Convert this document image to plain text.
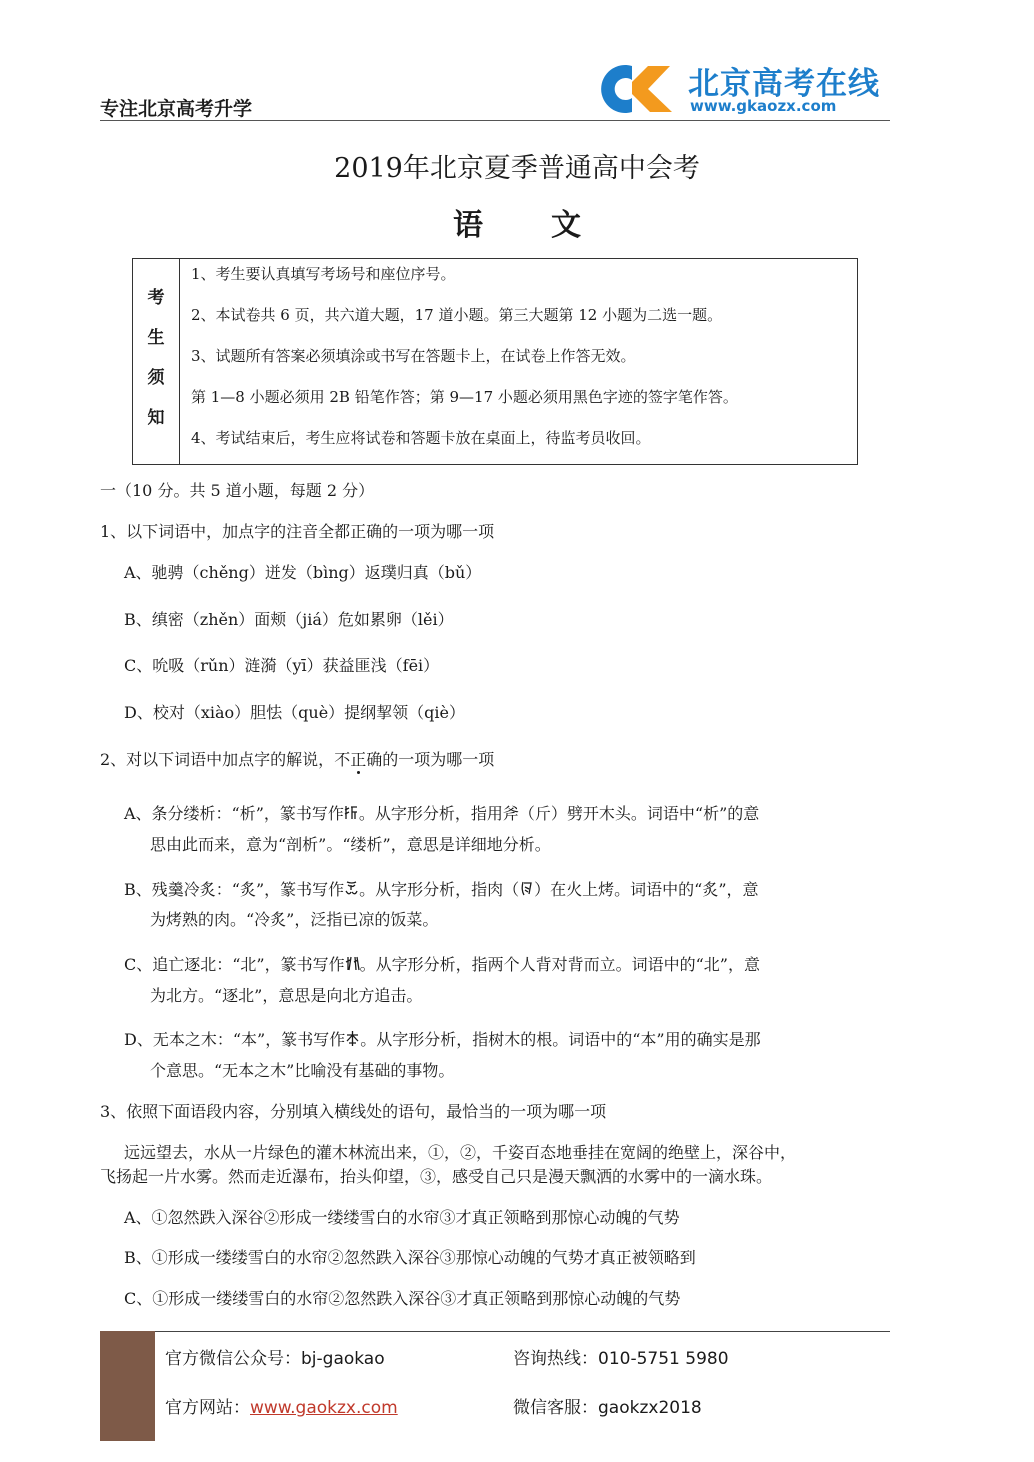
专注北京高考升学
北京高考在线
www.gkaozx.com
2019年北京夏季普通高中会考
语 文
考
生
须
知
1、考生要认真填写考场号和座位序号。
2、本试卷共 6 页，共六道大题，17 道小题。第三大题第 12 小题为二选一题。
3、试题所有答案必须填涂或书写在答题卡上，在试卷上作答无效。
第 1—8 小题必须用 2B 铅笔作答；第 9—17 小题必须用黑色字迹的签字笔作答。
4、考试结束后，考生应将试卷和答题卡放在桌面上，待监考员收回。
一（10 分。共 5 道小题，每题 2 分）
1、以下词语中，加点字的注音全都正确的一项为哪一项
A、驰骋（chěng）迸发（bìng）返璞归真（bǔ）
B、缜密（zhěn）面颊（jiá）危如累卵（lěi）
C、吮吸（rǔn）涟漪（yī）获益匪浅（fēi）
D、校对（xiào）胆怯（què）提纲挈领（qiè）
2、对以下词语中加点字的解说，不正确的一项为哪一项
A、条分缕析：“析”，篆书写作 。从字形分析，指用斧（斤）劈开木头。词语中“析”的意
思由此而来，意为“剖析”。“缕析”，意思是详细地分析。
B、残羹冷炙：“炙”，篆书写作 。从字形分析，指肉（ ）在火上烤。词语中的“炙”，意
为烤熟的肉。“冷炙”，泛指已凉的饭菜。
C、追亡逐北：“北”，篆书写作 。从字形分析，指两个人背对背而立。词语中的“北”，意
为北方。“逐北”，意思是向北方追击。
D、无本之木：“本”，篆书写作 。从字形分析，指树木的根。词语中的“本”用的确实是那
个意思。“无本之木”比喻没有基础的事物。
3、依照下面语段内容，分别填入横线处的语句，最恰当的一项为哪一项
远远望去，水从一片绿色的灌木林流出来，①，②，千姿百态地垂挂在宽阔的绝壁上，深谷中，
飞扬起一片水雾。然而走近瀑布，抬头仰望，③，感受自己只是漫天飘洒的水雾中的一滴水珠。
A、①忽然跌入深谷②形成一缕缕雪白的水帘③才真正领略到那惊心动魄的气势
B、①形成一缕缕雪白的水帘②忽然跌入深谷③那惊心动魄的气势才真正被领略到
C、①形成一缕缕雪白的水帘②忽然跌入深谷③才真正领略到那惊心动魄的气势
官方微信公众号：bj-gaokao	咨询热线：010-5751 5980
官方网站：www.gaokzx.com	微信客服：gaokzx2018
